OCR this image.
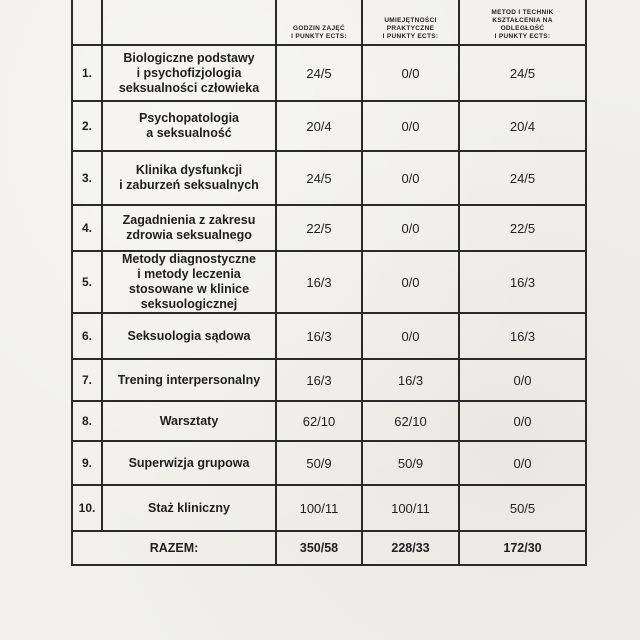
		GODZIN ZAJĘĆ
I PUNKTY ECTS:	UMIEJĘTNOŚCI
PRAKTYCZNE
I PUNKTY ECTS:	METOD I TECHNIK
KSZTAŁCENIA NA
ODLEGŁOŚĆ
I PUNKTY ECTS:
1.	Biologiczne podstawy
i psychofizjologia
seksualności człowieka	24/5	0/0	24/5
2.	Psychopatologia
a seksualność	20/4	0/0	20/4
3.	Klinika dysfunkcji
i zaburzeń seksualnych	24/5	0/0	24/5
4.	Zagadnienia z zakresu
zdrowia seksualnego	22/5	0/0	22/5
5.	Metody diagnostyczne
i metody leczenia
stosowane w klinice
seksuologicznej	16/3	0/0	16/3
6.	Seksuologia sądowa	16/3	0/0	16/3
7.	Trening interpersonalny	16/3	16/3	0/0
8.	Warsztaty	62/10	62/10	0/0
9.	Superwizja grupowa	50/9	50/9	0/0
10.	Staż kliniczny	100/11	100/11	50/5
RAZEM:		350/58	228/33	172/30
